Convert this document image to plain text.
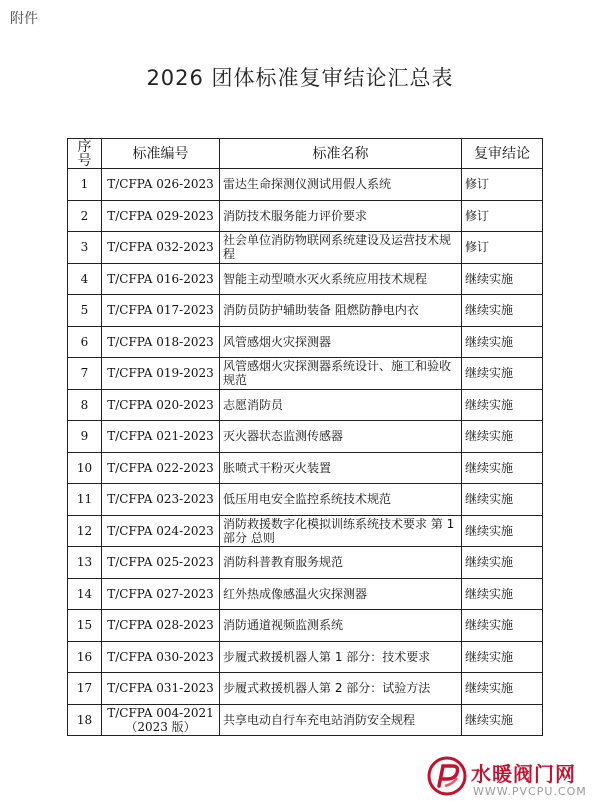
附件
2026 团体标准复审结论汇总表
序号	标准编号	标准名称	复审结论
1	T/CFPA 026-2023	雷达生命探测仪测试用假人系统	修订
2	T/CFPA 029-2023	消防技术服务能力评价要求	修订
3	T/CFPA 032-2023	社会单位消防物联网系统建设及运营技术规程	修订
4	T/CFPA 016-2023	智能主动型喷水灭火系统应用技术规程	继续实施
5	T/CFPA 017-2023	消防员防护辅助装备 阻燃防静电内衣	继续实施
6	T/CFPA 018-2023	风管感烟火灾探测器	继续实施
7	T/CFPA 019-2023	风管感烟火灾探测器系统设计、施工和验收规范	继续实施
8	T/CFPA 020-2023	志愿消防员	继续实施
9	T/CFPA 021-2023	灭火器状态监测传感器	继续实施
10	T/CFPA 022-2023	胀喷式干粉灭火装置	继续实施
11	T/CFPA 023-2023	低压用电安全监控系统技术规范	继续实施
12	T/CFPA 024-2023	消防救援数字化模拟训练系统技术要求 第 1 部分 总则	继续实施
13	T/CFPA 025-2023	消防科普教育服务规范	继续实施
14	T/CFPA 027-2023	红外热成像感温火灾探测器	继续实施
15	T/CFPA 028-2023	消防通道视频监测系统	继续实施
16	T/CFPA 030-2023	步履式救援机器人第 1 部分：技术要求	继续实施
17	T/CFPA 031-2023	步履式救援机器人第 2 部分：试验方法	继续实施
18	T/CFPA 004-2021（2023 版）	共享电动自行车充电站消防安全规程	继续实施
水暖阀门网
WWW.PVCPU.COM
